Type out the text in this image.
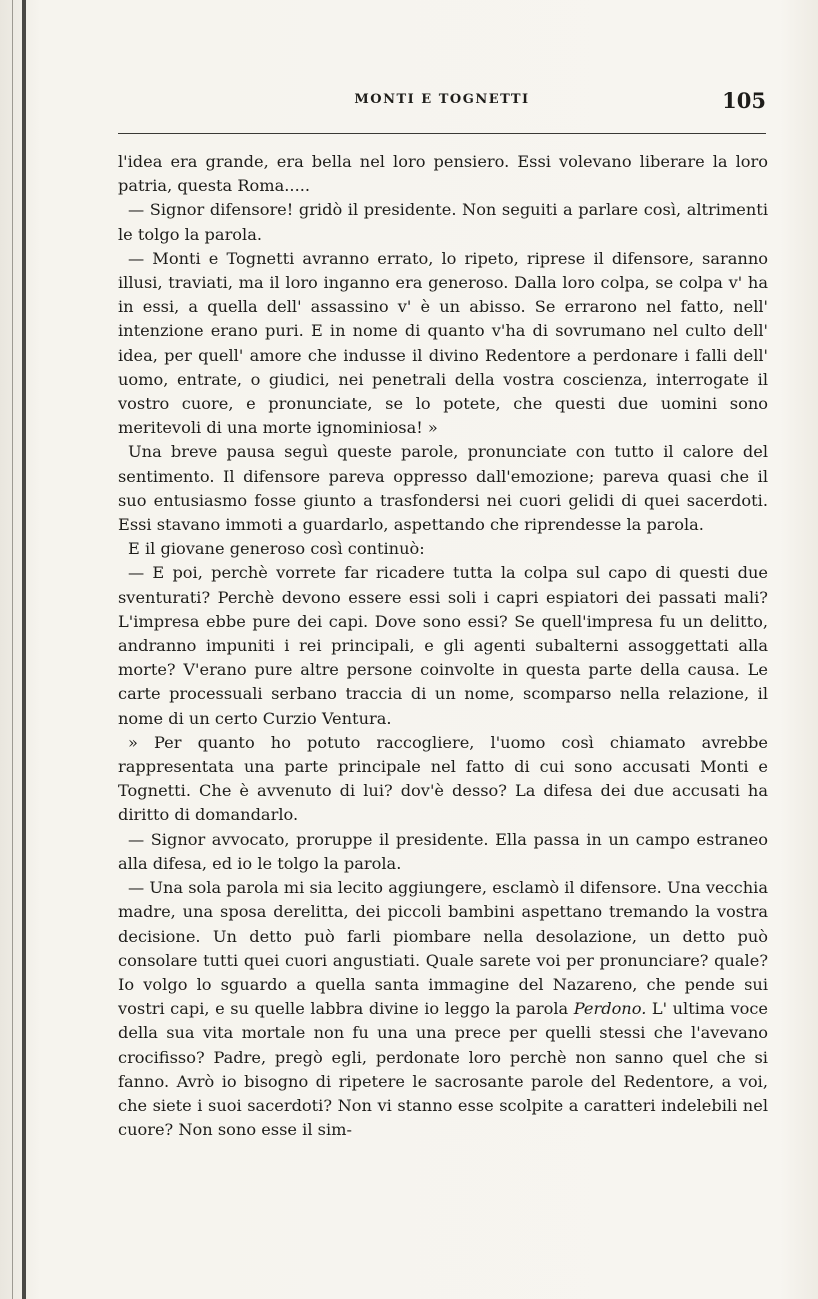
MONTI E TOGNETTI	105

l'idea era grande, era bella nel loro pensiero. Essi volevano liberare la loro patria, questa Roma.....

— Signor difensore! gridò il presidente. Non seguiti a parlare così, altrimenti le tolgo la parola.

— Monti e Tognetti avranno errato, lo ripeto, riprese il difensore, saranno illusi, traviati, ma il loro inganno era generoso. Dalla loro colpa, se colpa v' ha in essi, a quella dell' assassino v' è un abisso. Se errarono nel fatto, nell' intenzione erano puri. E in nome di quanto v'ha di sovrumano nel culto dell' idea, per quell' amore che indusse il divino Redentore a perdonare i falli dell' uomo, entrate, o giudici, nei penetrali della vostra coscienza, interrogate il vostro cuore, e pronunciate, se lo potete, che questi due uomini sono meritevoli di una morte ignominiosa! »

Una breve pausa seguì queste parole, pronunciate con tutto il calore del sentimento. Il difensore pareva oppresso dall'emozione; pareva quasi che il suo entusiasmo fosse giunto a trasfondersi nei cuori gelidi di quei sacerdoti. Essi stavano immoti a guardarlo, aspettando che riprendesse la parola.

E il giovane generoso così continuò:

— E poi, perchè vorrete far ricadere tutta la colpa sul capo di questi due sventurati? Perchè devono essere essi soli i capri espiatori dei passati mali? L'impresa ebbe pure dei capi. Dove sono essi? Se quell'impresa fu un delitto, andranno impuniti i rei principali, e gli agenti subalterni assoggettati alla morte? V'erano pure altre persone coinvolte in questa parte della causa. Le carte processuali serbano traccia di un nome, scomparso nella relazione, il nome di un certo Curzio Ventura.

» Per quanto ho potuto raccogliere, l'uomo così chiamato avrebbe rappresentata una parte principale nel fatto di cui sono accusati Monti e Tognetti. Che è avvenuto di lui? dov'è desso? La difesa dei due accusati ha diritto di domandarlo.

— Signor avvocato, proruppe il presidente. Ella passa in un campo estraneo alla difesa, ed io le tolgo la parola.

— Una sola parola mi sia lecito aggiungere, esclamò il difensore. Una vecchia madre, una sposa derelitta, dei piccoli bambini aspettano tremando la vostra decisione. Un detto può farli piombare nella desolazione, un detto può consolare tutti quei cuori angustiati. Quale sarete voi per pronunciare? quale? Io volgo lo sguardo a quella santa immagine del Nazareno, che pende sui vostri capi, e su quelle labbra divine io leggo la parola Perdono. L' ultima voce della sua vita mortale non fu una una prece per quelli stessi che l'avevano crocifisso? Padre, pregò egli, perdonate loro perchè non sanno quel che si fanno. Avrò io bisogno di ripetere le sacrosante parole del Redentore, a voi, che siete i suoi sacerdoti? Non vi stanno esse scolpite a caratteri indelebili nel cuore? Non sono esse il sim-
